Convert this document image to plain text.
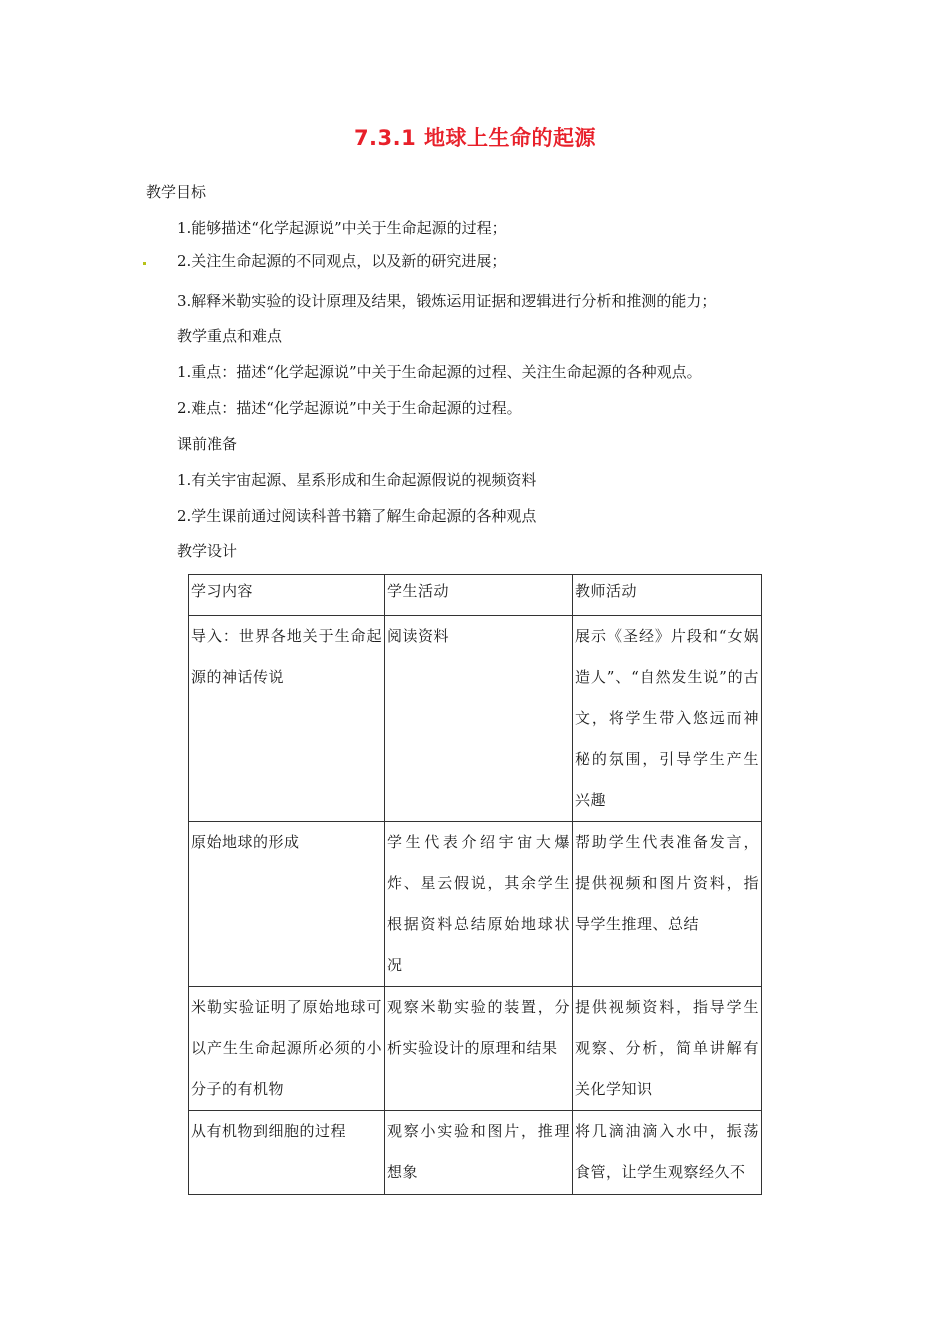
7.3.1 地球上生命的起源
教学目标
1.能够描述“化学起源说”中关于生命起源的过程；
2.关注生命起源的不同观点，以及新的研究进展；
3.解释米勒实验的设计原理及结果，锻炼运用证据和逻辑进行分析和推测的能力；
教学重点和难点
1.重点：描述“化学起源说”中关于生命起源的过程、关注生命起源的各种观点。
2.难点：描述“化学起源说”中关于生命起源的过程。
课前准备
1.有关宇宙起源、星系形成和生命起源假说的视频资料
2.学生课前通过阅读科普书籍了解生命起源的各种观点
教学设计
学习内容	学生活动	教师活动

导入：世界各地关于生命起源的神话传说	阅读资料	展示《圣经》片段和“女娲造人”、“自然发生说”的古文，将学生带入悠远而神秘的氛围，引导学生产生兴趣

原始地球的形成	学生代表介绍宇宙大爆炸、星云假说，其余学生根据资料总结原始地球状况	帮助学生代表准备发言，提供视频和图片资料，指导学生推理、总结

米勒实验证明了原始地球可以产生生命起源所必须的小分子的有机物	观察米勒实验的装置，分析实验设计的原理和结果	提供视频资料，指导学生观察、分析，简单讲解有关化学知识

从有机物到细胞的过程	观察小实验和图片，推理想象	将几滴油滴入水中，振荡食管，让学生观察经久不
